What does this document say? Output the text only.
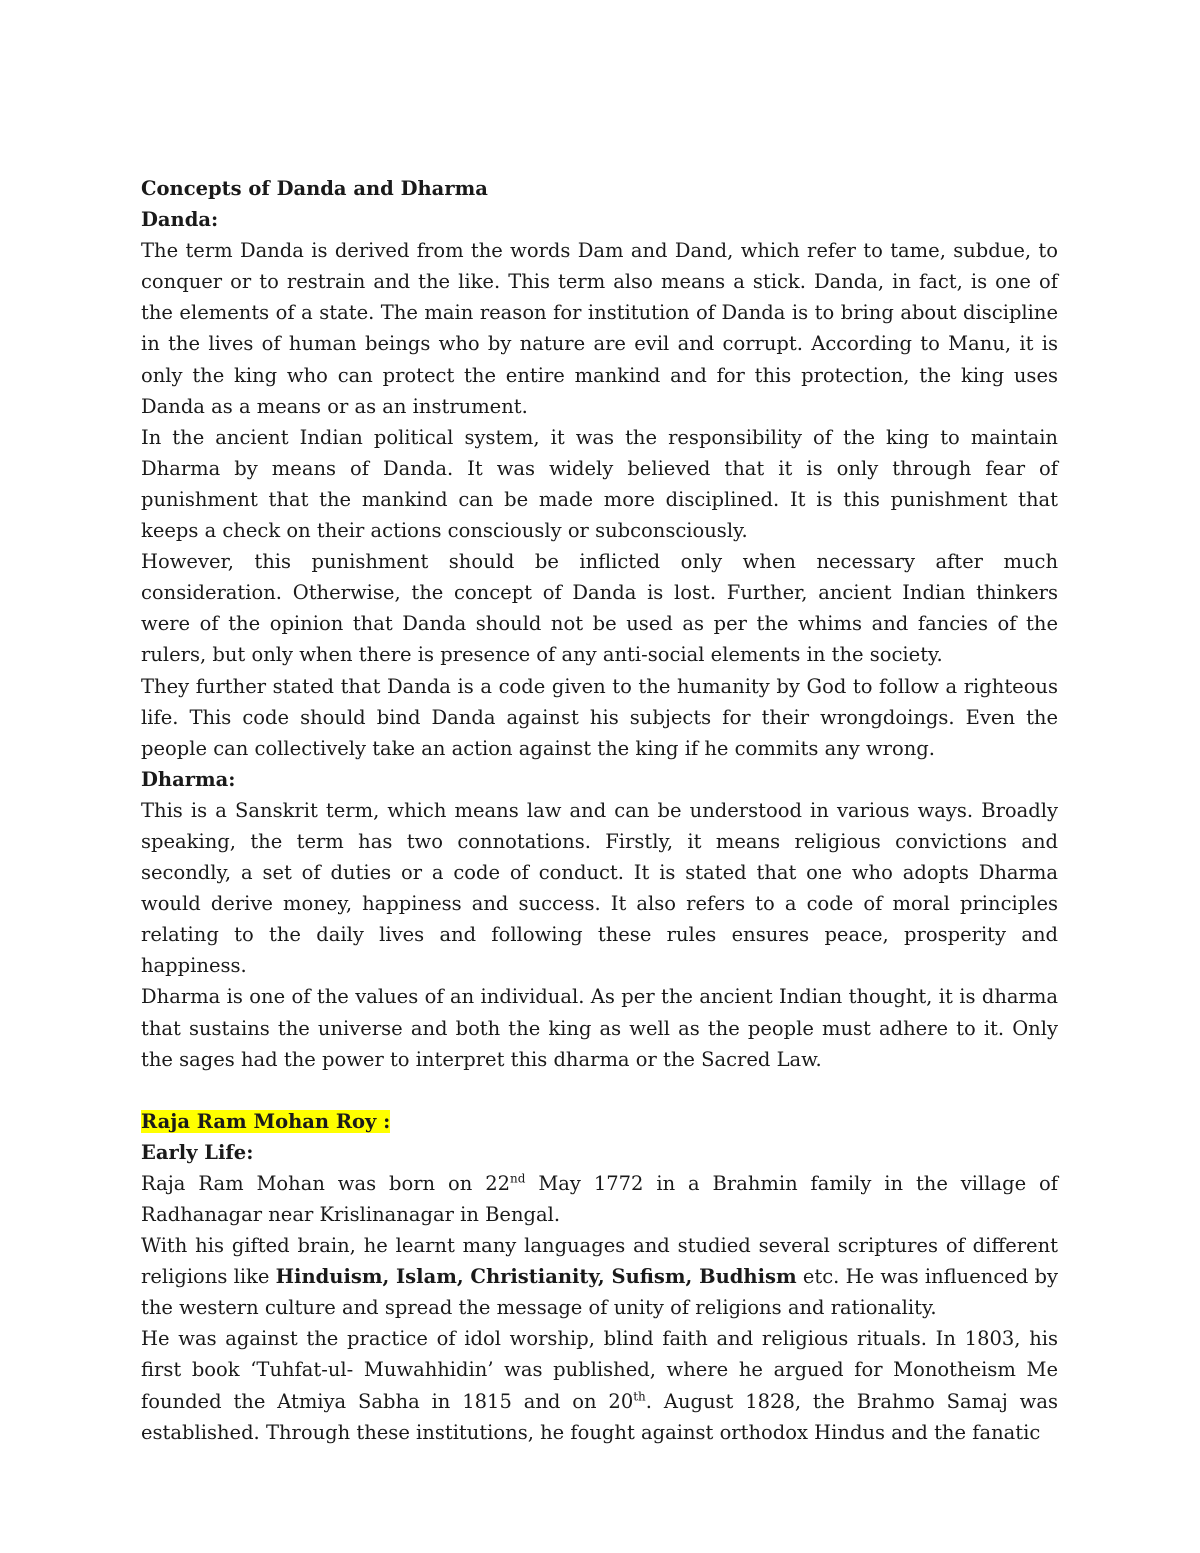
Concepts of Danda and Dharma

Danda:

The term Danda is derived from the words Dam and Dand, which refer to tame, subdue, to conquer or to restrain and the like. This term also means a stick. Danda, in fact, is one of the elements of a state. The main reason for institution of Danda is to bring about discipline in the lives of human beings who by nature are evil and corrupt. According to Manu, it is only the king who can protect the entire mankind and for this protection, the king uses Danda as a means or as an instrument.

In the ancient Indian political system, it was the responsibility of the king to maintain Dharma by means of Danda. It was widely believed that it is only through fear of punishment that the mankind can be made more disciplined. It is this punishment that keeps a check on their actions consciously or subconsciously.

However, this punishment should be inflicted only when necessary after much consideration. Otherwise, the concept of Danda is lost. Further, ancient Indian thinkers were of the opinion that Danda should not be used as per the whims and fancies of the rulers, but only when there is presence of any anti-social elements in the society.

They further stated that Danda is a code given to the humanity by God to follow a righteous life. This code should bind Danda against his subjects for their wrongdoings. Even the people can collectively take an action against the king if he commits any wrong.

Dharma:

This is a Sanskrit term, which means law and can be understood in various ways. Broadly speaking, the term has two connotations. Firstly, it means religious convictions and secondly, a set of duties or a code of conduct. It is stated that one who adopts Dharma would derive money, happiness and success. It also refers to a code of moral principles relating to the daily lives and following these rules ensures peace, prosperity and happiness.

Dharma is one of the values of an individual. As per the ancient Indian thought, it is dharma that sustains the universe and both the king as well as the people must adhere to it. Only the sages had the power to interpret this dharma or the Sacred Law.

Raja Ram Mohan Roy :

Early Life:

Raja Ram Mohan was born on 22nd May 1772 in a Brahmin family in the village of Radhanagar near Krislinanagar in Bengal.

With his gifted brain, he learnt many languages and studied several scriptures of different religions like Hinduism, Islam, Christianity, Sufism, Budhism etc. He was influenced by the western culture and spread the message of unity of religions and rationality.

He was against the practice of idol worship, blind faith and religious rituals. In 1803, his first book ‘Tuhfat-ul- Muwahhidin’ was published, where he argued for Monotheism Me founded the Atmiya Sabha in 1815 and on 20th. August 1828, the Brahmo Samaj was established. Through these institutions, he fought against orthodox Hindus and the fanatic
